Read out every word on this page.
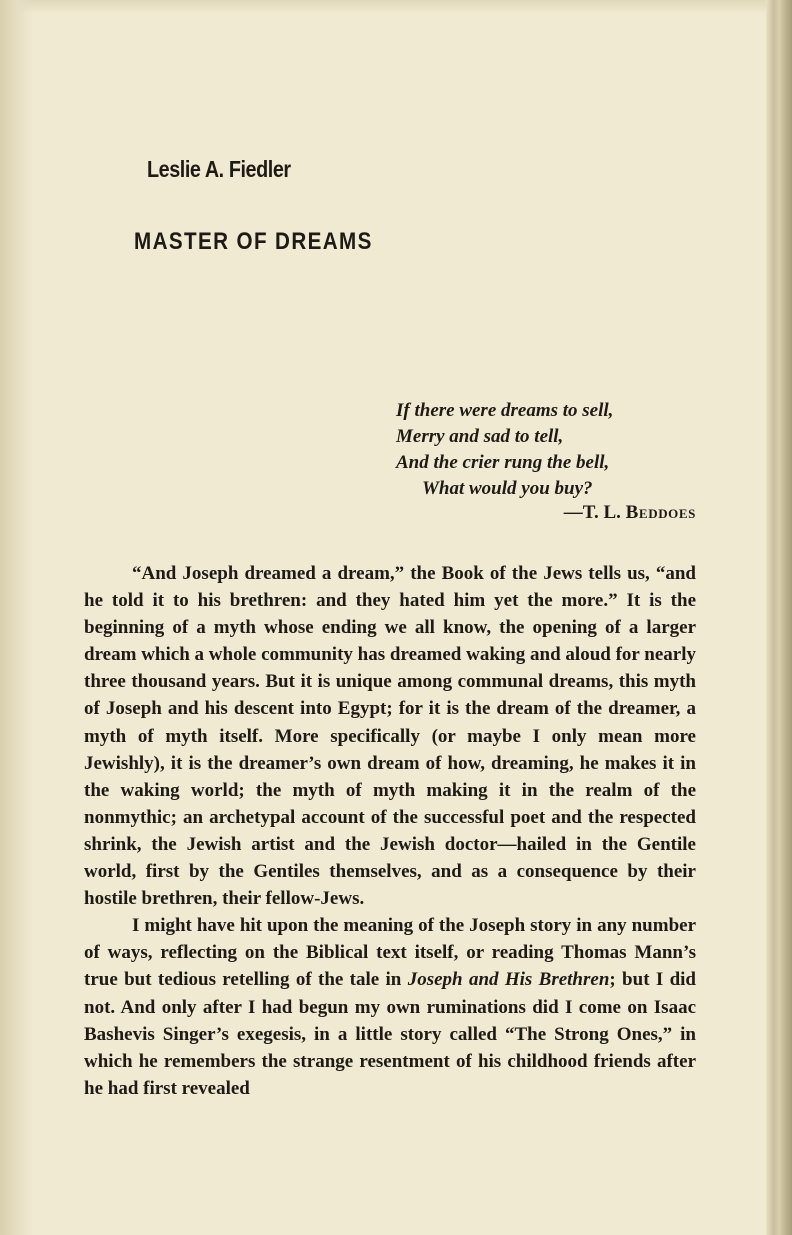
Leslie A. Fiedler
MASTER OF DREAMS
If there were dreams to sell,
Merry and sad to tell,
And the crier rung the bell,
What would you buy?
—T. L. Beddoes

“And Joseph dreamed a dream,” the Book of the Jews tells us, “and he told it to his brethren: and they hated him yet the more.” It is the beginning of a myth whose ending we all know, the opening of a larger dream which a whole community has dreamed waking and aloud for nearly three thousand years. But it is unique among communal dreams, this myth of Joseph and his descent into Egypt; for it is the dream of the dreamer, a myth of myth itself. More specifically (or maybe I only mean more Jewishly), it is the dreamer’s own dream of how, dreaming, he makes it in the waking world; the myth of myth making it in the realm of the nonmythic; an archetypal account of the successful poet and the respected shrink, the Jewish artist and the Jewish doctor—hailed in the Gentile world, first by the Gentiles themselves, and as a consequence by their hostile brethren, their fellow-Jews.

I might have hit upon the meaning of the Joseph story in any number of ways, reflecting on the Biblical text itself, or reading Thomas Mann’s true but tedious retelling of the tale in Joseph and His Brethren; but I did not. And only after I had begun my own ruminations did I come on Isaac Bashevis Singer’s exegesis, in a little story called “The Strong Ones,” in which he remembers the strange resentment of his childhood friends after he had first revealed
